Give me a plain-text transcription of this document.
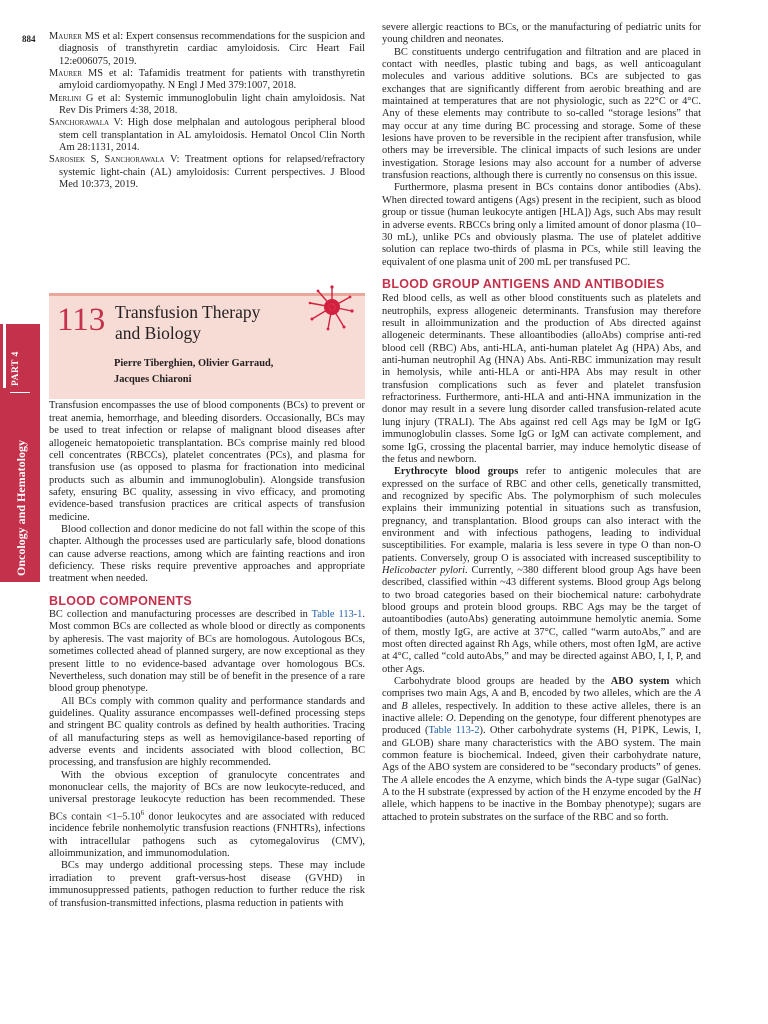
884
PART 4
Oncology and Hematology

Maurer MS et al: Expert consensus recommendations for the suspicion and diagnosis of transthyretin cardiac amyloidosis. Circ Heart Fail 12:e006075, 2019.

Maurer MS et al: Tafamidis treatment for patients with transthyretin amyloid cardiomyopathy. N Engl J Med 379:1007, 2018.

Merlini G et al: Systemic immunoglobulin light chain amyloidosis. Nat Rev Dis Primers 4:38, 2018.

Sanchorawala V: High dose melphalan and autologous peripheral blood stem cell transplantation in AL amyloidosis. Hematol Oncol Clin North Am 28:1131, 2014.

Sarosiek S, Sanchorawala V: Treatment options for relapsed/refractory systemic light-chain (AL) amyloidosis: Current perspectives. J Blood Med 10:373, 2019.

Transfusion encompasses the use of blood components (BCs) to prevent or treat anemia, hemorrhage, and bleeding disorders. Occasionally, BCs may be used to treat infection or relapse of malignant blood diseases after allogeneic hematopoietic transplantation. BCs comprise mainly red blood cell concentrates (RBCCs), platelet concentrates (PCs), and plasma for transfusion use (as opposed to plasma for fractionation into medicinal products such as albumin and immunoglobulin). Alongside transfusion safety, ensuring BC quality, assessing in vivo efficacy, and promoting evidence-based transfusion practices are critical aspects of transfusion medicine.

Blood collection and donor medicine do not fall within the scope of this chapter. Although the processes used are particularly safe, blood donations can cause adverse reactions, among which are fainting reactions and iron deficiency. These risks require preventive approaches and appropriate treatment when needed.

BLOOD COMPONENTS

BC collection and manufacturing processes are described in Table 113-1. Most common BCs are collected as whole blood or directly as components by apheresis. The vast majority of BCs are homologous. Autologous BCs, sometimes collected ahead of planned surgery, are now exceptional as they present little to no evidence-based advantage over homologous BCs. Nevertheless, such donation may still be of benefit in the presence of a rare blood group phenotype.

All BCs comply with common quality and performance standards and guidelines. Quality assurance encompasses well-defined processing steps and stringent BC quality controls as defined by health authorities. Tracing of all manufacturing steps as well as hemovigilance-based reporting of adverse events and incidents associated with blood collection, BC processing, and transfusion are highly recommended.

With the obvious exception of granulocyte concentrates and mononuclear cells, the majority of BCs are now leukocyte-reduced, and universal prestorage leukocyte reduction has been recommended. These BCs contain $<1-5.10^6$ donor leukocytes and are associated with reduced incidence febrile nonhemolytic transfusion reactions (FNHTRs), infections with intracellular pathogens such as cytomegalovirus (CMV), alloimmunization, and immunomodulation.

BCs may undergo additional processing steps. These may include irradiation to prevent graft-versus-host disease (GVHD) in immunosuppressed patients, pathogen reduction to further reduce the risk of transfusion-transmitted infections, plasma reduction in patients with

113 Transfusion Therapy
and Biology
Pierre Tiberghien, Olivier Garraud,
Jacques Chiaroni

severe allergic reactions to BCs, or the manufacturing of pediatric units for young children and neonates.

BC constituents undergo centrifugation and filtration and are placed in contact with needles, plastic tubing and bags, as well anticoagulant molecules and various additive solutions. BCs are subjected to gas exchanges that are significantly different from aerobic breathing and are maintained at temperatures that are not physiologic, such as 22°C or 4°C. Any of these elements may contribute to so-called “storage lesions” that may occur at any time during BC processing and storage. Some of these lesions have proven to be reversible in the recipient after transfusion, while others may be irreversible. The clinical impacts of such lesions are under investigation. Storage lesions may also account for a number of adverse transfusion reactions, although there is currently no consensus on this issue.

Furthermore, plasma present in BCs contains donor antibodies (Abs). When directed toward antigens (Ags) present in the recipient, such as blood group or tissue (human leukocyte antigen [HLA]) Ags, such Abs may result in adverse events. RBCCs bring only a limited amount of donor plasma (10–30 mL), unlike PCs and obviously plasma. The use of platelet additive solution can replace two-thirds of plasma in PCs, while still leaving the equivalent of one plasma unit of 200 mL per transfused PC.

BLOOD GROUP ANTIGENS AND ANTIBODIES

Red blood cells, as well as other blood constituents such as platelets and neutrophils, express allogeneic determinants. Transfusion may therefore result in alloimmunization and the production of Abs directed against allogeneic determinants. These alloantibodies (alloAbs) comprise anti-red blood cell (RBC) Abs, anti-HLA, anti-human platelet Ag (HPA) Abs, and anti-human neutrophil Ag (HNA) Abs. Anti-RBC immunization may result in hemolysis, while anti-HLA or anti-HPA Abs may result in other transfusion complications such as fever and platelet transfusion refractoriness. Furthermore, anti-HLA and anti-HNA immunization in the donor may result in a severe lung disorder called transfusion-related acute lung injury (TRALI). The Abs against red cell Ags may be IgM or IgG immunoglobulin classes. Some IgG or IgM can activate complement, and some IgG, crossing the placental barrier, may induce hemolytic disease of the fetus and newborn.

Erythrocyte blood groups refer to antigenic molecules that are expressed on the surface of RBC and other cells, genetically transmitted, and recognized by specific Abs. The polymorphism of such molecules explains their immunizing potential in situations such as transfusion, pregnancy, and transplantation. Blood groups can also interact with the environment and with infectious pathogens, leading to individual susceptibilities. For example, malaria is less severe in type O than non-O patients. Conversely, group O is associated with increased susceptibility to Helicobacter pylori. Currently, ~380 different blood group Ags have been described, classified within ~43 different systems. Blood group Ags belong to two broad categories based on their biochemical nature: carbohydrate blood groups and protein blood groups. RBC Ags may be the target of autoantibodies (autoAbs) generating autoimmune hemolytic anemia. Some of them, mostly IgG, are active at 37°C, called “warm autoAbs,” and are most often directed against Rh Ags, while others, most often IgM, are active at 4°C, called “cold autoAbs,” and may be directed against ABO, I, I, P, and other Ags.

Carbohydrate blood groups are headed by the ABO system which comprises two main Ags, A and B, encoded by two alleles, which are the A and B alleles, respectively. In addition to these active alleles, there is an inactive allele: O. Depending on the genotype, four different phenotypes are produced (Table 113-2). Other carbohydrate systems (H, P1PK, Lewis, I, and GLOB) share many characteristics with the ABO system. The main common feature is biochemical. Indeed, given their carbohydrate nature, Ags of the ABO system are considered to be “secondary products” of genes. The A allele encodes the A enzyme, which binds the A-type sugar (GalNac) A to the H substrate (expressed by action of the H enzyme encoded by the H allele, which happens to be inactive in the Bombay phenotype); sugars are attached to protein substrates on the surface of the RBC and so forth.
